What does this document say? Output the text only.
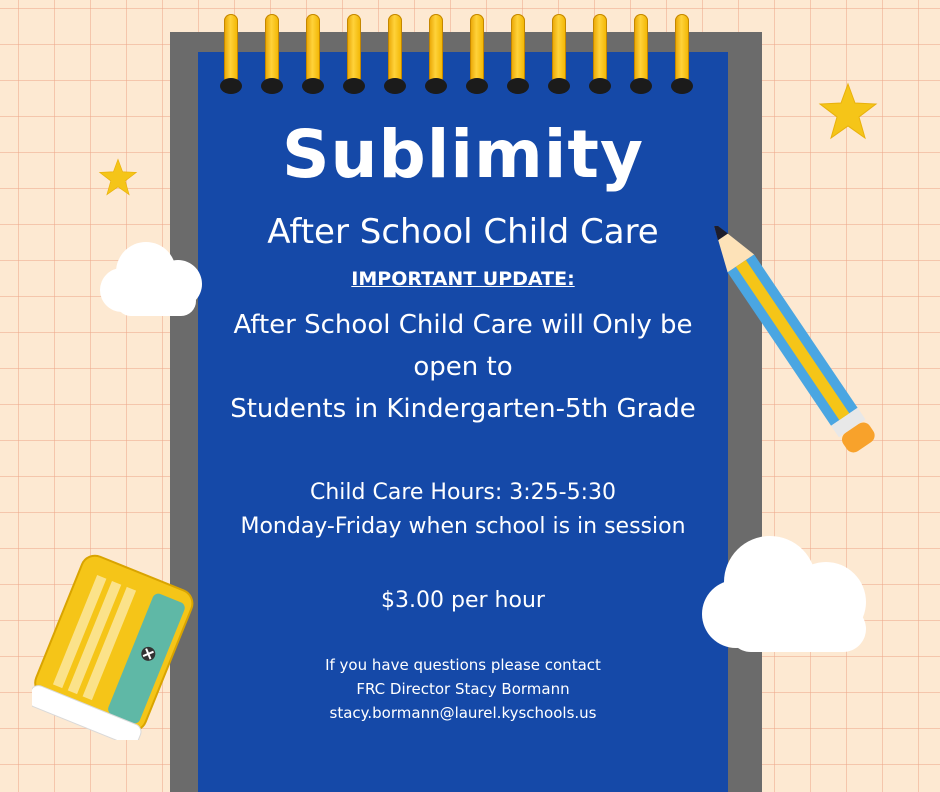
Sublimity

After School Child Care

IMPORTANT UPDATE:

After School Child Care will Only be

open to

Students in Kindergarten-5th Grade

Child Care Hours: 3:25-5:30

Monday-Friday when school is in session

$3.00 per hour

If you have questions please contact

FRC Director Stacy Bormann

stacy.bormann@laurel.kyschools.us
